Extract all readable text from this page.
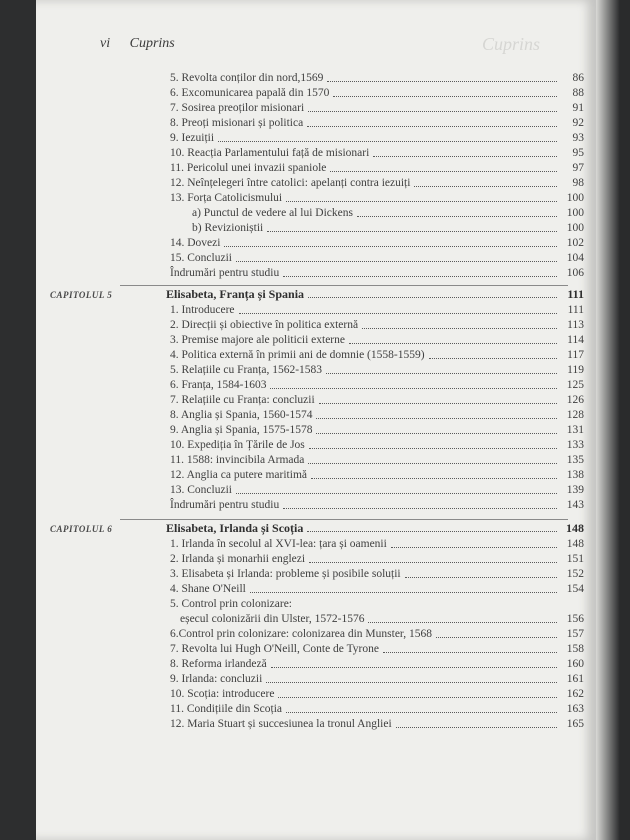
vi Cuprins	Cuprins
5. Revolta conților din nord,1569	86
6. Excomunicarea papală din 1570	88
7. Sosirea preoților misionari	91
8. Preoți misionari și politica	92
9. Iezuiții	93
10. Reacția Parlamentului față de misionari	95
11. Pericolul unei invazii spaniole	97
12. Neînțelegeri între catolici: apelanți contra iezuiți	98
13. Forța Catolicismului	100
a) Punctul de vedere al lui Dickens	100
b) Revizioniștii	100
14. Dovezi	102
15. Concluzii	104
Îndrumări pentru studiu	106
CAPITOLUL 5	Elisabeta, Franța și Spania	111
1. Introducere	111
2. Direcții și obiective în politica externă	113
3. Premise majore ale politicii externe	114
4. Politica externă în primii ani de domnie (1558-1559)	117
5. Relațiile cu Franța, 1562-1583	119
6. Franța, 1584-1603	125
7. Relațiile cu Franța: concluzii	126
8. Anglia și Spania, 1560-1574	128
9. Anglia și Spania, 1575-1578	131
10. Expediția în Țările de Jos	133
11. 1588: invincibila Armada	135
12. Anglia ca putere maritimă	138
13. Concluzii	139
Îndrumări pentru studiu	143
CAPITOLUL 6	Elisabeta, Irlanda și Scoția	148
1. Irlanda în secolul al XVI-lea: țara și oamenii	148
2. Irlanda și monarhii englezi	151
3. Elisabeta și Irlanda: probleme și posibile soluții	152
4. Shane O'Neill	154
5. Control prin colonizare:
eșecul colonizării din Ulster, 1572-1576	156
6.Control prin colonizare: colonizarea din Munster, 1568	157
7. Revolta lui Hugh O'Neill, Conte de Tyrone	158
8. Reforma irlandeză	160
9. Irlanda: concluzii	161
10. Scoția: introducere	162
11. Condițiile din Scoția	163
12. Maria Stuart și succesiunea la tronul Angliei	165
